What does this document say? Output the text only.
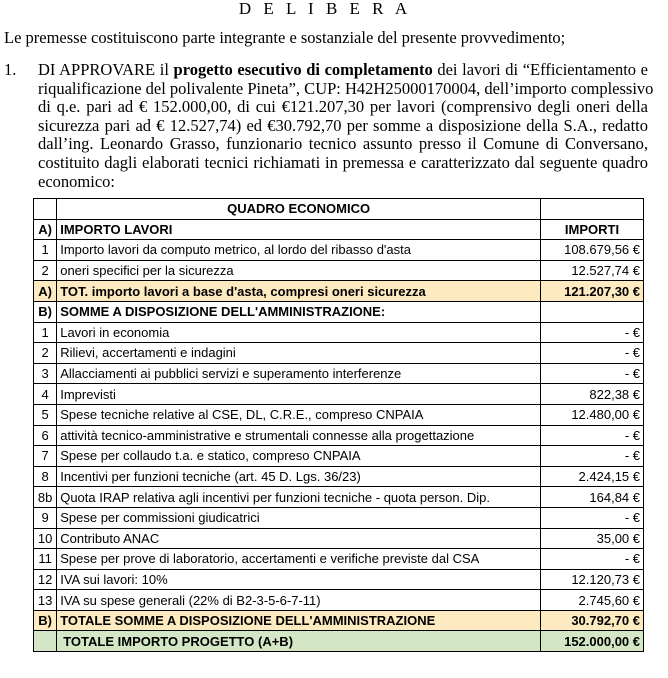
D E L I B E R A
Le premesse costituiscono parte integrante e sostanziale del presente provvedimento;
1. DI APPROVARE il progetto esecutivo di completamento dei lavori di “Efficientamento e
riqualificazione del polivalente Pineta”, CUP: H42H25000170004, dell’importo complessivo
di q.e. pari ad € 152.000,00, di cui €121.207,30 per lavori (comprensivo degli oneri della
sicurezza pari ad € 12.527,74) ed €30.792,70 per somme a disposizione della S.A., redatto
dall’ing. Leonardo Grasso, funzionario tecnico assunto presso il Comune di Conversano,
costituito dagli elaborati tecnici richiamati in premessa e caratterizzato dal seguente quadro
economico:
	QUADRO ECONOMICO	
A)	IMPORTO LAVORI	IMPORTI
1	Importo lavori da computo metrico, al lordo del ribasso d'asta	108.679,56 €
2	oneri specifici per la sicurezza	12.527,74 €
A)	TOT. importo lavori a base d'asta, compresi oneri sicurezza	121.207,30 €
B)	SOMME A DISPOSIZIONE DELL'AMMINISTRAZIONE:	
1	Lavori in economia	- €
2	Rilievi, accertamenti e indagini	- €
3	Allacciamenti ai pubblici servizi e superamento interferenze	- €
4	Imprevisti	822,38 €
5	Spese tecniche relative al CSE, DL, C.R.E., compreso CNPAIA	12.480,00 €
6	attività tecnico-amministrative e strumentali connesse alla progettazione	- €
7	Spese per collaudo t.a. e statico, compreso CNPAIA	- €
8	Incentivi per funzioni tecniche (art. 45 D. Lgs. 36/23)	2.424,15 €
8b	Quota IRAP relativa agli incentivi per funzioni tecniche - quota person. Dip.	164,84 €
9	Spese per commissioni giudicatrici	- €
10	Contributo ANAC	35,00 €
11	Spese per prove di laboratorio, accertamenti e verifiche previste dal CSA	- €
12	IVA sui lavori: 10%	12.120,73 €
13	IVA su spese generali (22% di B2-3-5-6-7-11)	2.745,60 €
B)	TOTALE SOMME A DISPOSIZIONE DELL'AMMINISTRAZIONE	30.792,70 €
	TOTALE IMPORTO PROGETTO (A+B)	152.000,00 €
